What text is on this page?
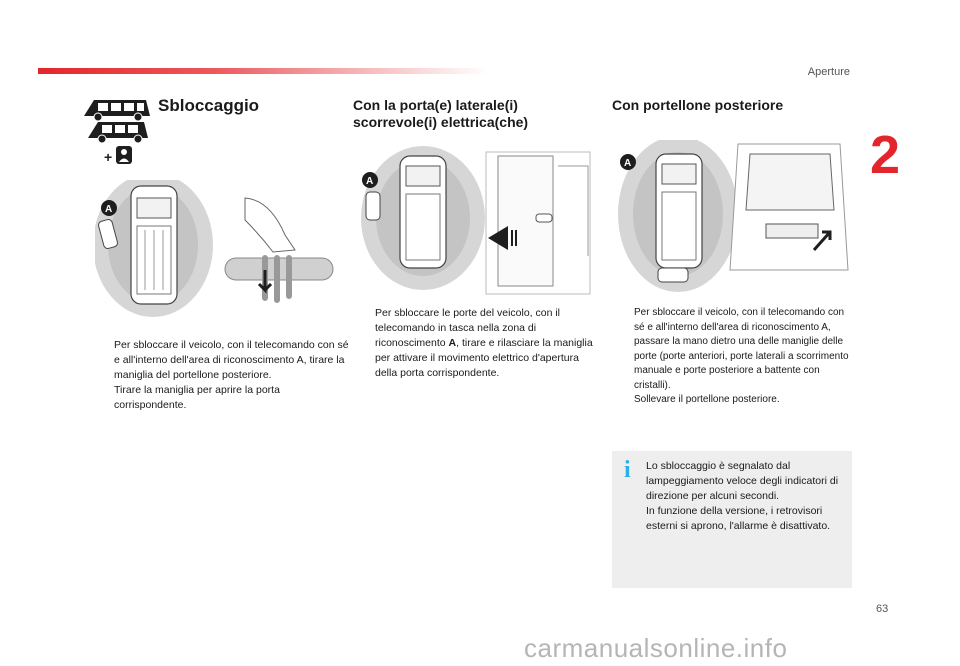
Aperture
2
Sbloccaggio	Con la porta(e) laterale(i)
scorrevole(i) elettrica(che)
Con portellone posteriore
+
A
A
A
Per sbloccare il veicolo, con il telecomando con sé e all'interno dell'area di riconoscimento A, tirare la maniglia del portellone posteriore.
Tirare la maniglia per aprire la porta corrispondente.
Per sbloccare le porte del veicolo, con il telecomando in tasca nella zona di riconoscimento A, tirare e rilasciare la maniglia per attivare il movimento elettrico d'apertura della porta corrispondente.
Per sbloccare il veicolo, con il telecomando con sé e all'interno dell'area di riconoscimento A, passare la mano dietro una delle maniglie delle porte (porte anteriori, porte laterali a scorrimento manuale e porte posteriore a battente con cristalli).
Sollevare il portellone posteriore.
i Lo sbloccaggio è segnalato dal lampeggiamento veloce degli indicatori di direzione per alcuni secondi.
In funzione della versione, i retrovisori esterni si aprono, l'allarme è disattivato.
63
carmanualsonline.info
